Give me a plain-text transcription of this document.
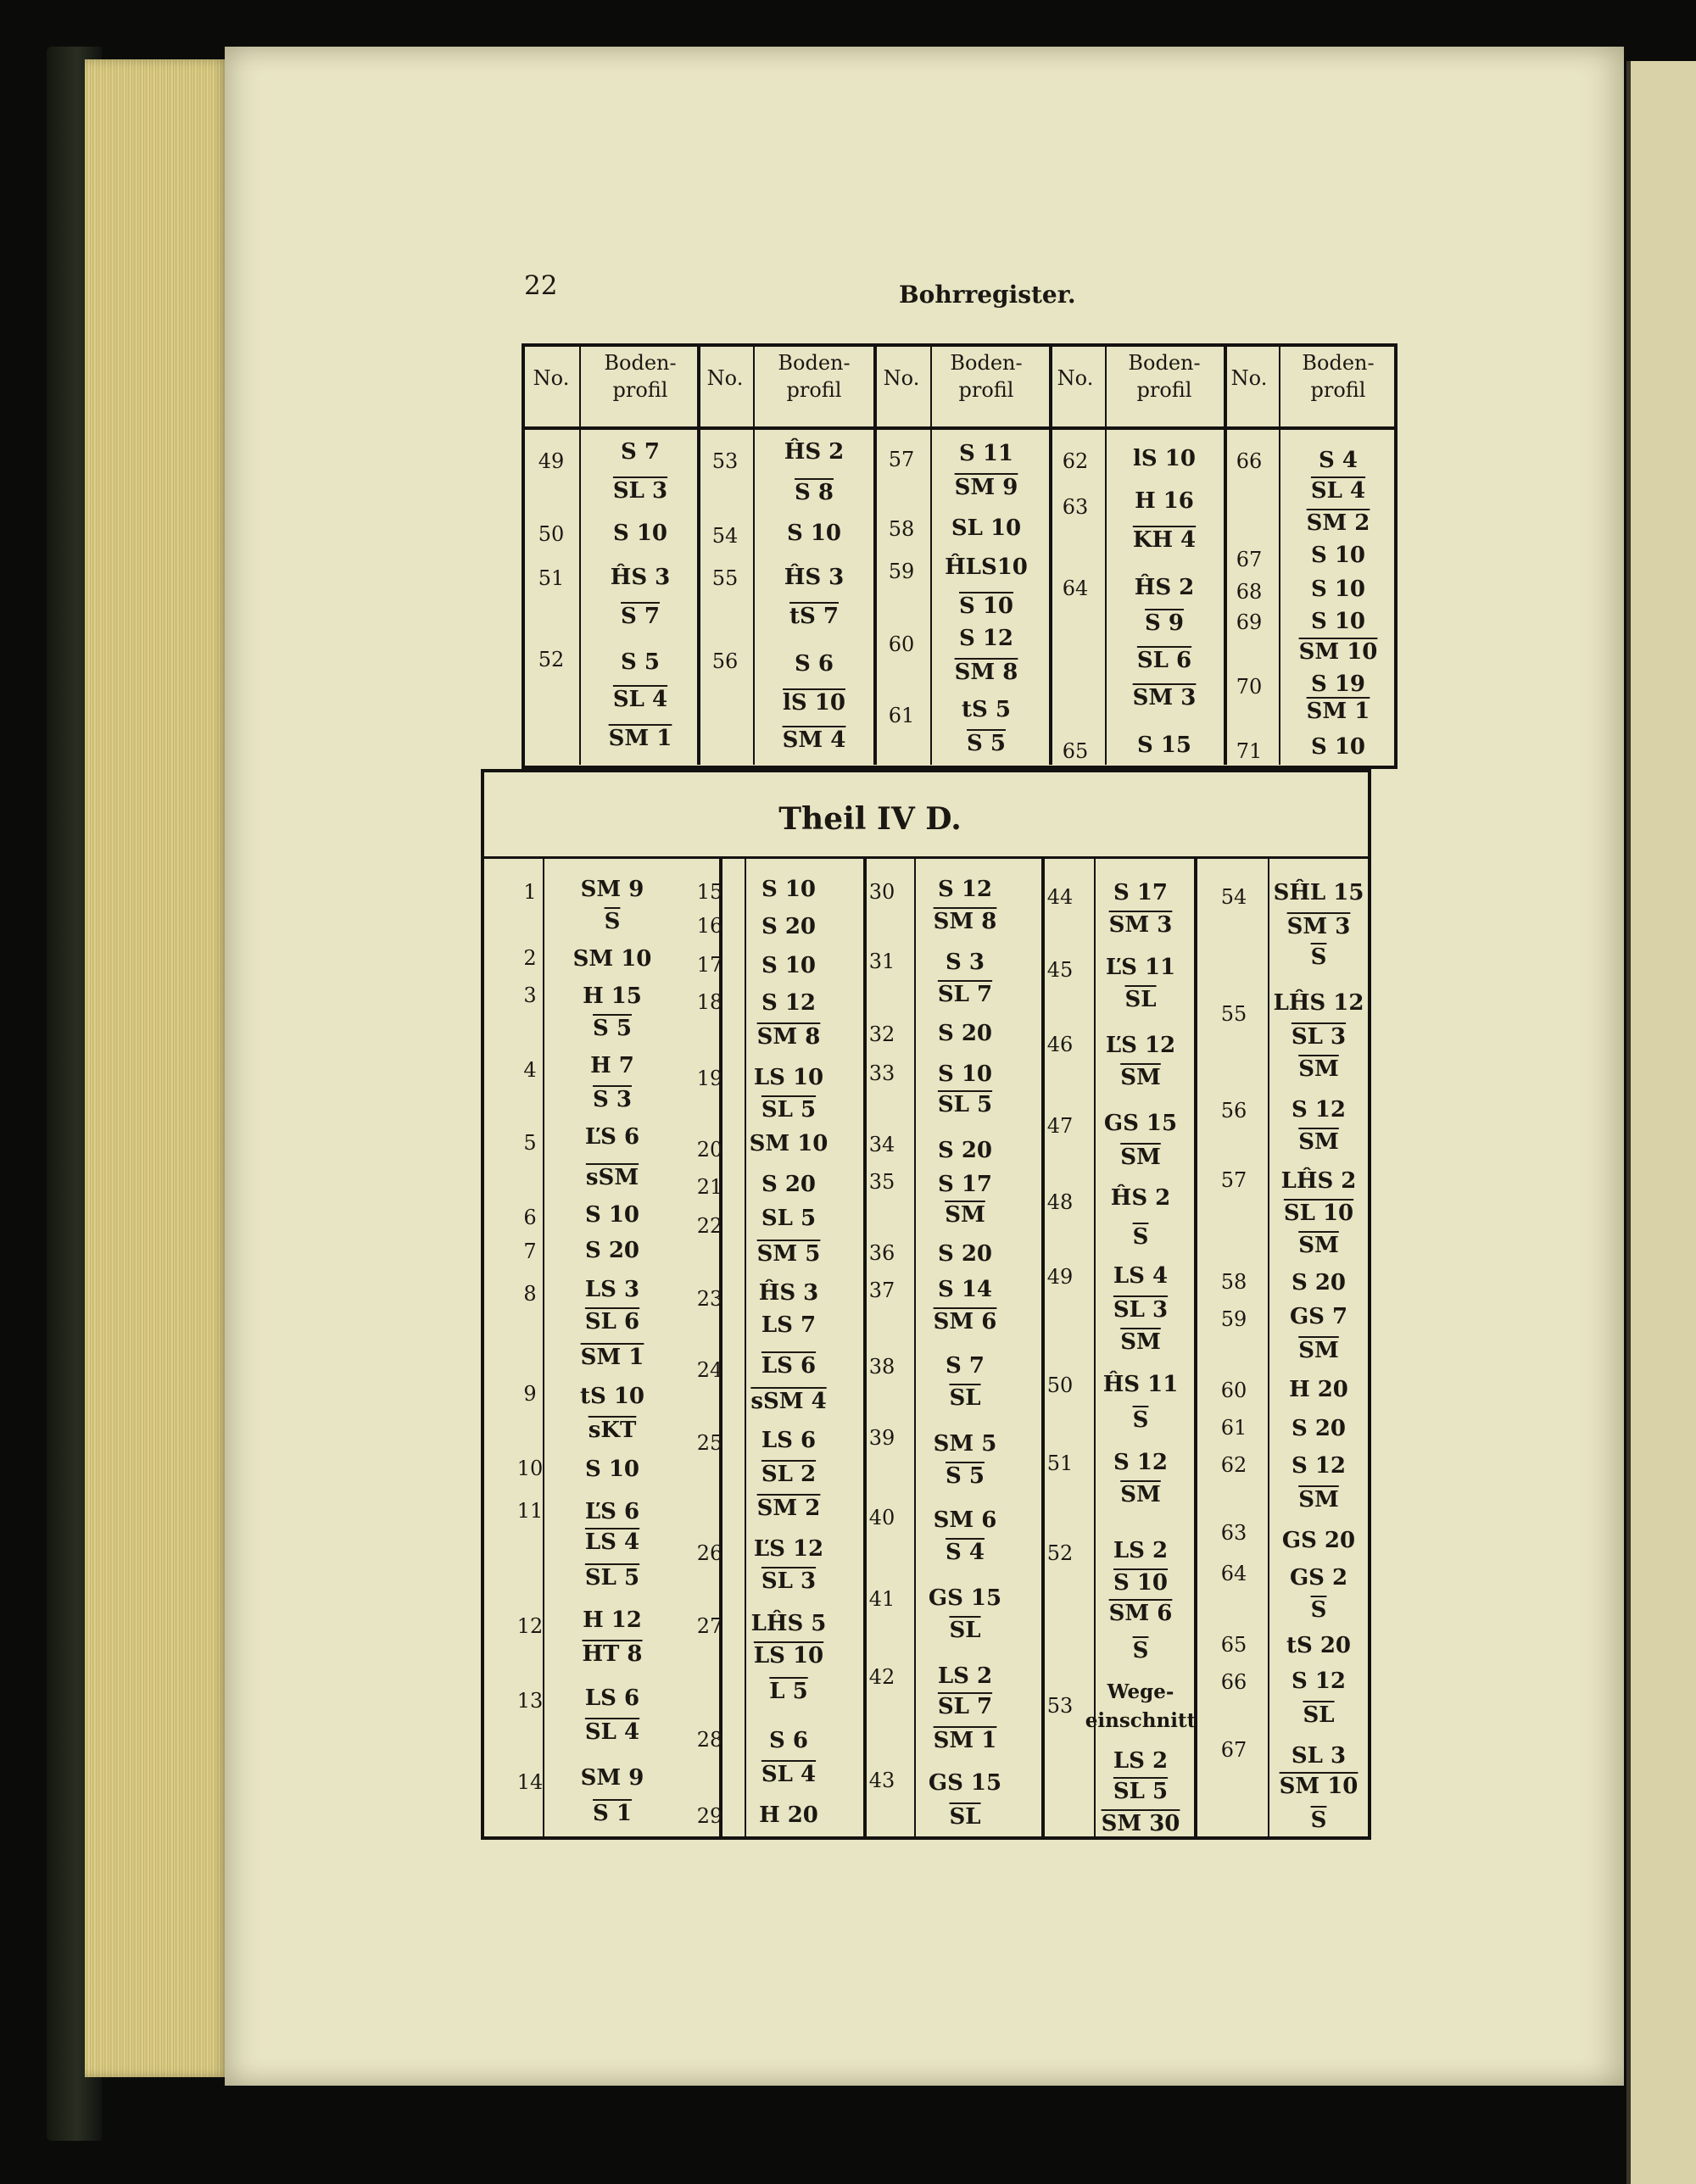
22	Bohrregister.
Theil IV D.
No.
Boden-
profil
No.
Boden-
profil
No.
Boden-
profil
No.
Boden-
profil
No.
Boden-
profil
49
50
51
52
53
54
55
56
57
58
59
60
61
62
63
64
65
66
67
68
69
70
71
S 7
SL 3
S 10
ĤS 3
S 7
S 5
SL 4
SM 1
ĤS 2
S 8
S 10
ĤS 3
tS 7
S 6
lS 10
SM 4
S 11
SM 9
SL 10
ĤLS10
S 10
S 12
SM 8
tS 5
S 5
lS 10
H 16
KH 4
ĤS 2
S 9
SL 6
SM 3
S 15
S 4
SL 4
SM 2
S 10
S 10
S 10
SM 10
S 19
SM 1
S 10
1
2
3
4
5
6
7
8
9
10
11
12
13
14
15
16
17
18
19
20
21
22
23
24
25
26
27
28
29
30
31
32
33
34
35
36
37
38
39
40
41
42
43
44
45
46
47
48
49
50
51
52
53
54
55
56
57
58
59
60
61
62
63
64
65
66
67
SM 9
$\overline{S}$
SM 10
H 15
S 5
H 7
S 3
ĽS 6
$\overline{sSM}$
S 10
S 20
LS 3
SL 6
SM 1
tS 10
$\overline{sKT}$
S 10
ĽS 6
LS 4
SL 5
H 12
HT 8
LS 6
SL 4
SM 9
S 1
S 10
S 20
S 10
S 12
SM 8
LS 10
SL 5
SM 10
S 20
SL 5
SM 5
ĤS 3
LS 7
LS 6
sSM 4
LS 6
SL 2
SM 2
ĽS 12
SL 3
LĤS 5
LS 10
L 5
S 6
SL 4
H 20
S 12
SM 8
S 3
SL 7
S 20
S 10
SL 5
S 20
S 17
$\overline{SM}$
S 20
S 14
SM 6
S 7
$\overline{SL}$
SM 5
S 5
SM 6
S 4
GS 15
$\overline{SL}$
LS 2
SL 7
SM 1
GS 15
$\overline{SL}$
S 17
SM 3
ĽS 11
$\overline{SL}$
ĽS 12
$\overline{SM}$
GS 15
$\overline{SM}$
ĤS 2
$\overline{S}$
LS 4
SL 3
$\overline{SM}$
ĤS 11
$\overline{S}$
S 12
$\overline{SM}$
LS 2
S 10
SM 6
$\overline{S}$
Wege-
einschnitt
LS 2
SL 5
SM 30
SĤL 15
SM 3
$\overline{S}$
LĤS 12
SL 3
$\overline{SM}$
S 12
$\overline{SM}$
LĤS 2
SL 10
$\overline{SM}$
S 20
GS 7
$\overline{SM}$
H 20
S 20
S 12
$\overline{SM}$
GS 20
GS 2
$\overline{S}$
tS 20
S 12
$\overline{SL}$
SL 3
SM 10
$\overline{S}$
